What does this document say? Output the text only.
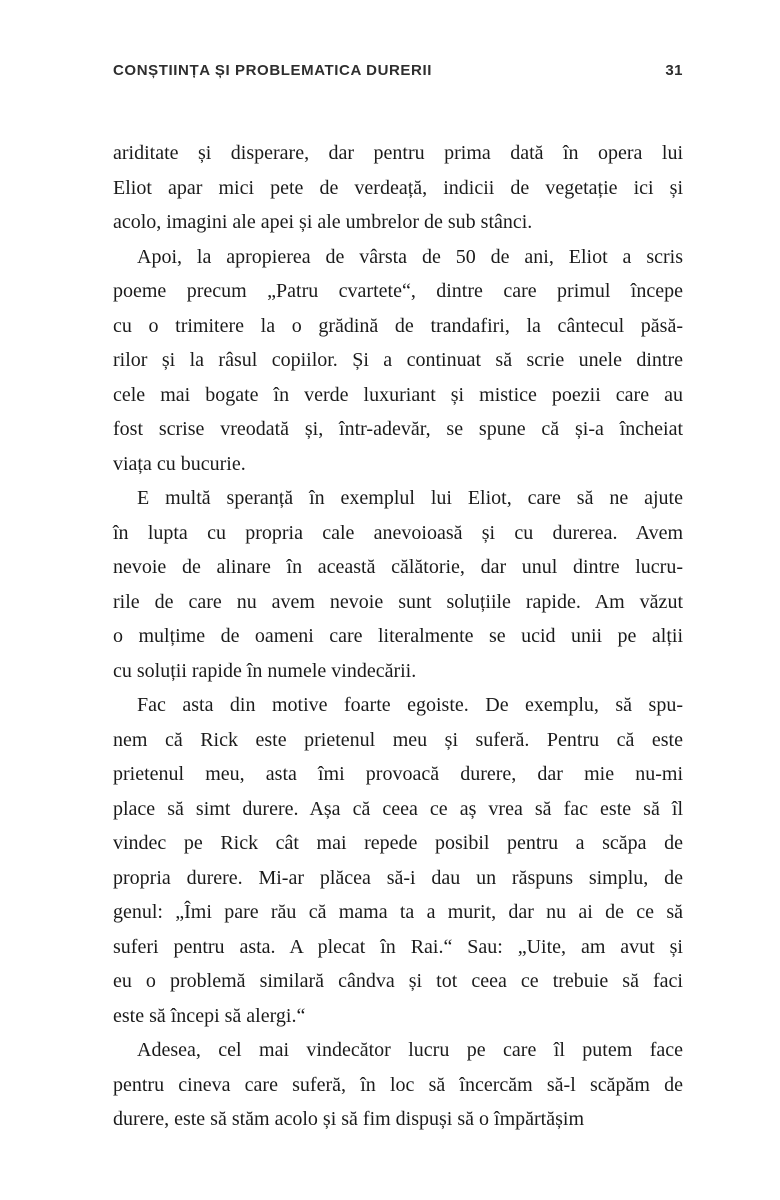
CONȘTIINȚA ȘI PROBLEMATICA DURERII	31
ariditate și disperare, dar pentru prima dată în opera lui
Eliot apar mici pete de verdeață, indicii de vegetație ici și
acolo, imagini ale apei și ale umbrelor de sub stânci.
Apoi, la apropierea de vârsta de 50 de ani, Eliot a scris
poeme precum „Patru cvartete“, dintre care primul începe
cu o trimitere la o grădină de trandafiri, la cântecul păsă-
rilor și la râsul copiilor. Și a continuat să scrie unele dintre
cele mai bogate în verde luxuriant și mistice poezii care au
fost scrise vreodată și, într-adevăr, se spune că și-a încheiat
viața cu bucurie.
E multă speranță în exemplul lui Eliot, care să ne ajute
în lupta cu propria cale anevoioasă și cu durerea. Avem
nevoie de alinare în această călătorie, dar unul dintre lucru-
rile de care nu avem nevoie sunt soluțiile rapide. Am văzut
o mulțime de oameni care literalmente se ucid unii pe alții
cu soluții rapide în numele vindecării.
Fac asta din motive foarte egoiste. De exemplu, să spu-
nem că Rick este prietenul meu și suferă. Pentru că este
prietenul meu, asta îmi provoacă durere, dar mie nu-mi
place să simt durere. Așa că ceea ce aș vrea să fac este să îl
vindec pe Rick cât mai repede posibil pentru a scăpa de
propria durere. Mi-ar plăcea să-i dau un răspuns simplu, de
genul: „Îmi pare rău că mama ta a murit, dar nu ai de ce să
suferi pentru asta. A plecat în Rai.“ Sau: „Uite, am avut și
eu o problemă similară cândva și tot ceea ce trebuie să faci
este să începi să alergi.“
Adesea, cel mai vindecător lucru pe care îl putem face
pentru cineva care suferă, în loc să încercăm să-l scăpăm de
durere, este să stăm acolo și să fim dispuși să o împărtășim
